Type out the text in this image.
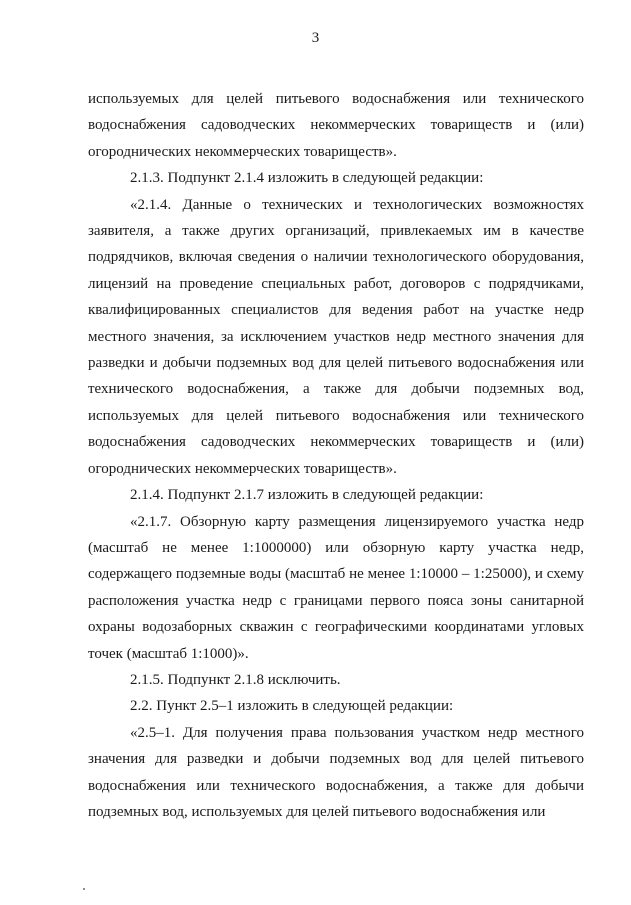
3

используемых для целей питьевого водоснабжения или технического водоснабжения садоводческих некоммерческих товариществ и (или) огороднических некоммерческих товариществ».

2.1.3. Подпункт 2.1.4 изложить в следующей редакции:

«2.1.4. Данные о технических и технологических возможностях заявителя, а также других организаций, привлекаемых им в качестве подрядчиков, включая сведения о наличии технологического оборудования, лицензий на проведение специальных работ, договоров с подрядчиками, квалифицированных специалистов для ведения работ на участке недр местного значения, за исключением участков недр местного значения для разведки и добычи подземных вод для целей питьевого водоснабжения или технического водоснабжения, а также для добычи подземных вод, используемых для целей питьевого водоснабжения или технического водоснабжения садоводческих некоммерческих товариществ и (или) огороднических некоммерческих товариществ».

2.1.4. Подпункт 2.1.7 изложить в следующей редакции:

«2.1.7. Обзорную карту размещения лицензируемого участка недр (масштаб не менее 1:1000000) или обзорную карту участка недр, содержащего подземные воды (масштаб не менее 1:10000 – 1:25000), и схему расположения участка недр с границами первого пояса зоны санитарной охраны водозаборных скважин с географическими координатами угловых точек (масштаб 1:1000)».

2.1.5. Подпункт 2.1.8 исключить.

2.2. Пункт 2.5–1 изложить в следующей редакции:

«2.5–1. Для получения права пользования участком недр местного значения для разведки и добычи подземных вод для целей питьевого водоснабжения или технического водоснабжения, а также для добычи подземных вод, используемых для целей питьевого водоснабжения или
